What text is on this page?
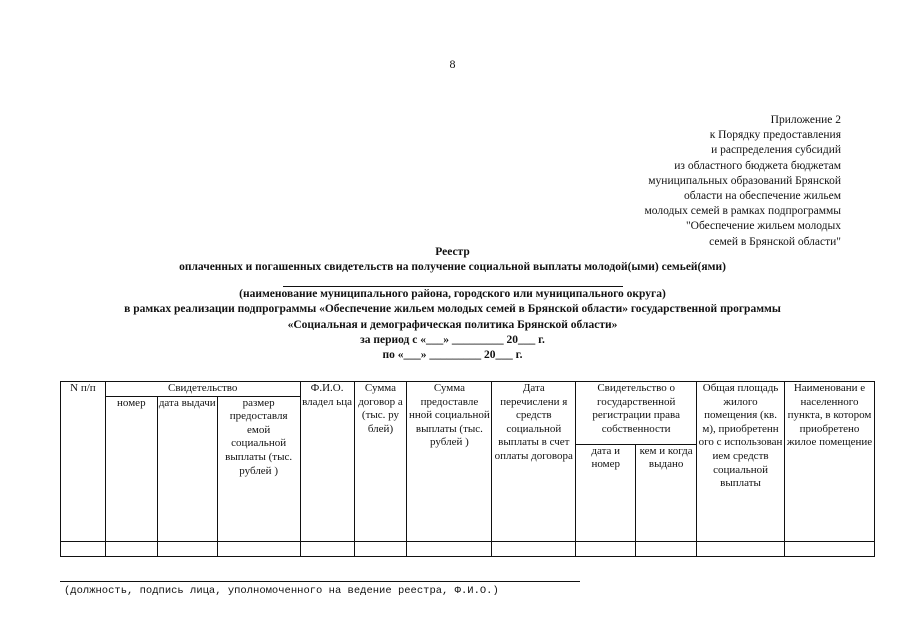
8
Приложение 2
к Порядку предоставления
и распределения субсидий
из областного бюджета бюджетам
муниципальных образований Брянской
области на обеспечение жильем
молодых семей в рамках подпрограммы
"Обеспечение жильем молодых
семей в Брянской области"
Реестр
оплаченных и погашенных свидетельств на получение социальной выплаты молодой(ыми) семьей(ями)
(наименование муниципального района, городского или муниципального округа)
в рамках реализации подпрограммы «Обеспечение жильем молодых семей в Брянской области» государственной программы
«Социальная и демографическая политика Брянской области»
за период с «___» _________ 20___ г.
по «___» _________ 20___ г.
N п/п	Свидетельство			Ф.И.О. владел ьца	Сумма договор а (тыс. ру блей)	Сумма предоставле нной социальной выплаты (тыс. рублей )	Дата перечислени я средств социальной выплаты в счет оплаты договора	Свидетельство о государственной регистрации права собственности		Общая площадь жилого помещения (кв. м), приобретенн ого с использован ием средств социальной выплаты	Наименовани е населенного пункта, в котором приобретено жилое помещение
	номер	дата выдачи	размер предоставля емой социальной выплаты (тыс. рублей )								
								дата и номер	кем и когда выдано		

(должность, подпись лица, уполномоченного на ведение реестра, Ф.И.О.)
